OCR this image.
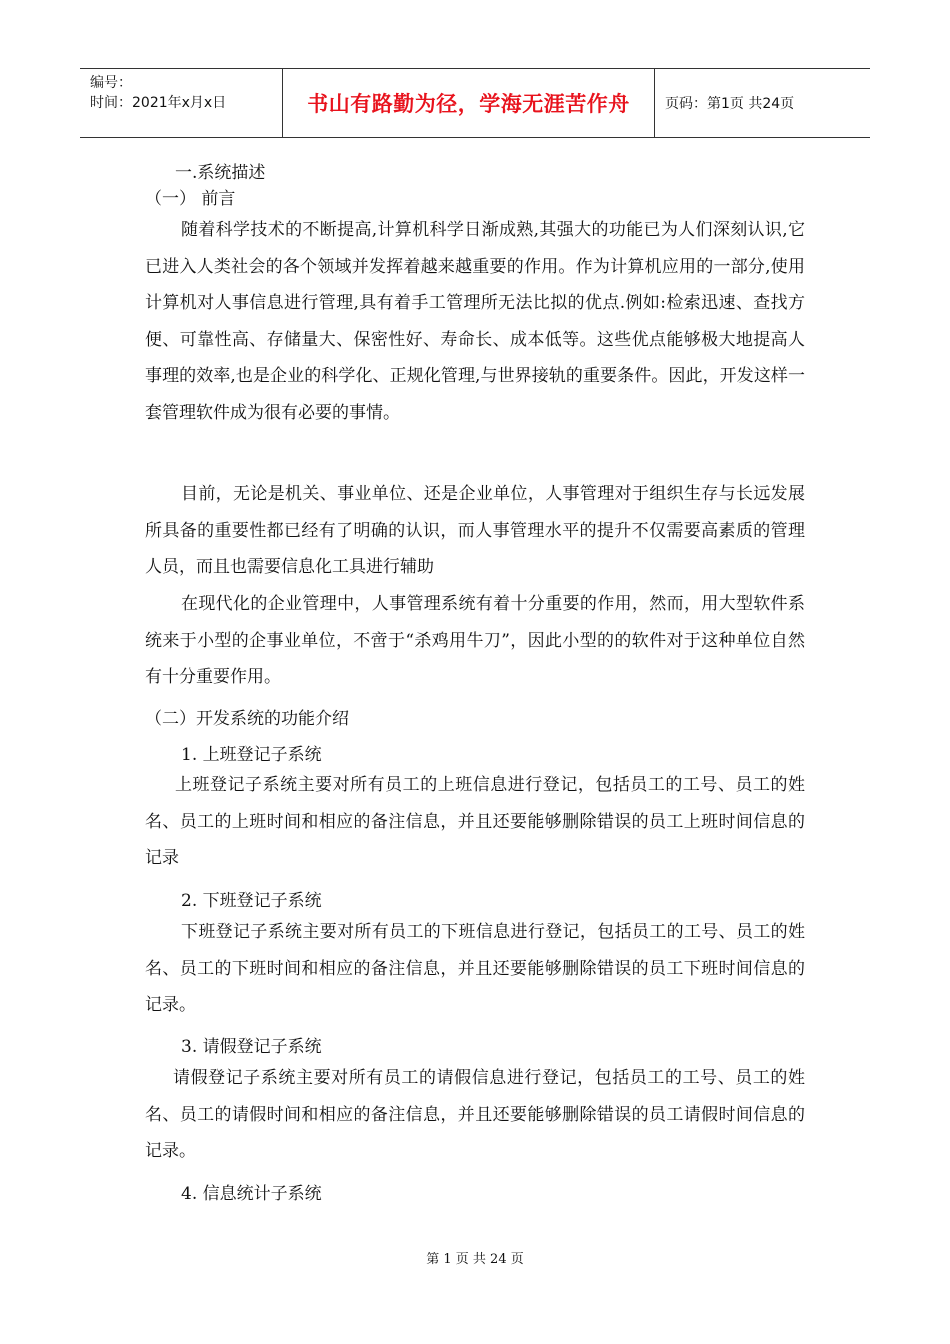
编号：
时间：2021年x月x日	书山有路勤为径，学海无涯苦作舟	页码：第1页 共24页
一.系统描述
（一） 前言
随着科学技术的不断提高,计算机科学日渐成熟,其强大的功能已为人们深刻认识,它已进入人类社会的各个领域并发挥着越来越重要的作用。作为计算机应用的一部分,使用计算机对人事信息进行管理,具有着手工管理所无法比拟的优点.例如:检索迅速、查找方便、可靠性高、存储量大、保密性好、寿命长、成本低等。这些优点能够极大地提高人事理的效率,也是企业的科学化、正规化管理,与世界接轨的重要条件。因此，开发这样一套管理软件成为很有必要的事情。
目前，无论是机关、事业单位、还是企业单位，人事管理对于组织生存与长远发展所具备的重要性都已经有了明确的认识，而人事管理水平的提升不仅需要高素质的管理人员，而且也需要信息化工具进行辅助
在现代化的企业管理中，人事管理系统有着十分重要的作用，然而，用大型软件系统来于小型的企事业单位，不啻于“杀鸡用牛刀”，因此小型的的软件对于这种单位自然有十分重要作用。
（二）开发系统的功能介绍
1. 上班登记子系统
上班登记子系统主要对所有员工的上班信息进行登记，包括员工的工号、员工的姓名、员工的上班时间和相应的备注信息，并且还要能够删除错误的员工上班时间信息的记录
2. 下班登记子系统
下班登记子系统主要对所有员工的下班信息进行登记，包括员工的工号、员工的姓名、员工的下班时间和相应的备注信息，并且还要能够删除错误的员工下班时间信息的记录。
3. 请假登记子系统
请假登记子系统主要对所有员工的请假信息进行登记，包括员工的工号、员工的姓名、员工的请假时间和相应的备注信息，并且还要能够删除错误的员工请假时间信息的记录。
4. 信息统计子系统
第 1 页 共 24 页
